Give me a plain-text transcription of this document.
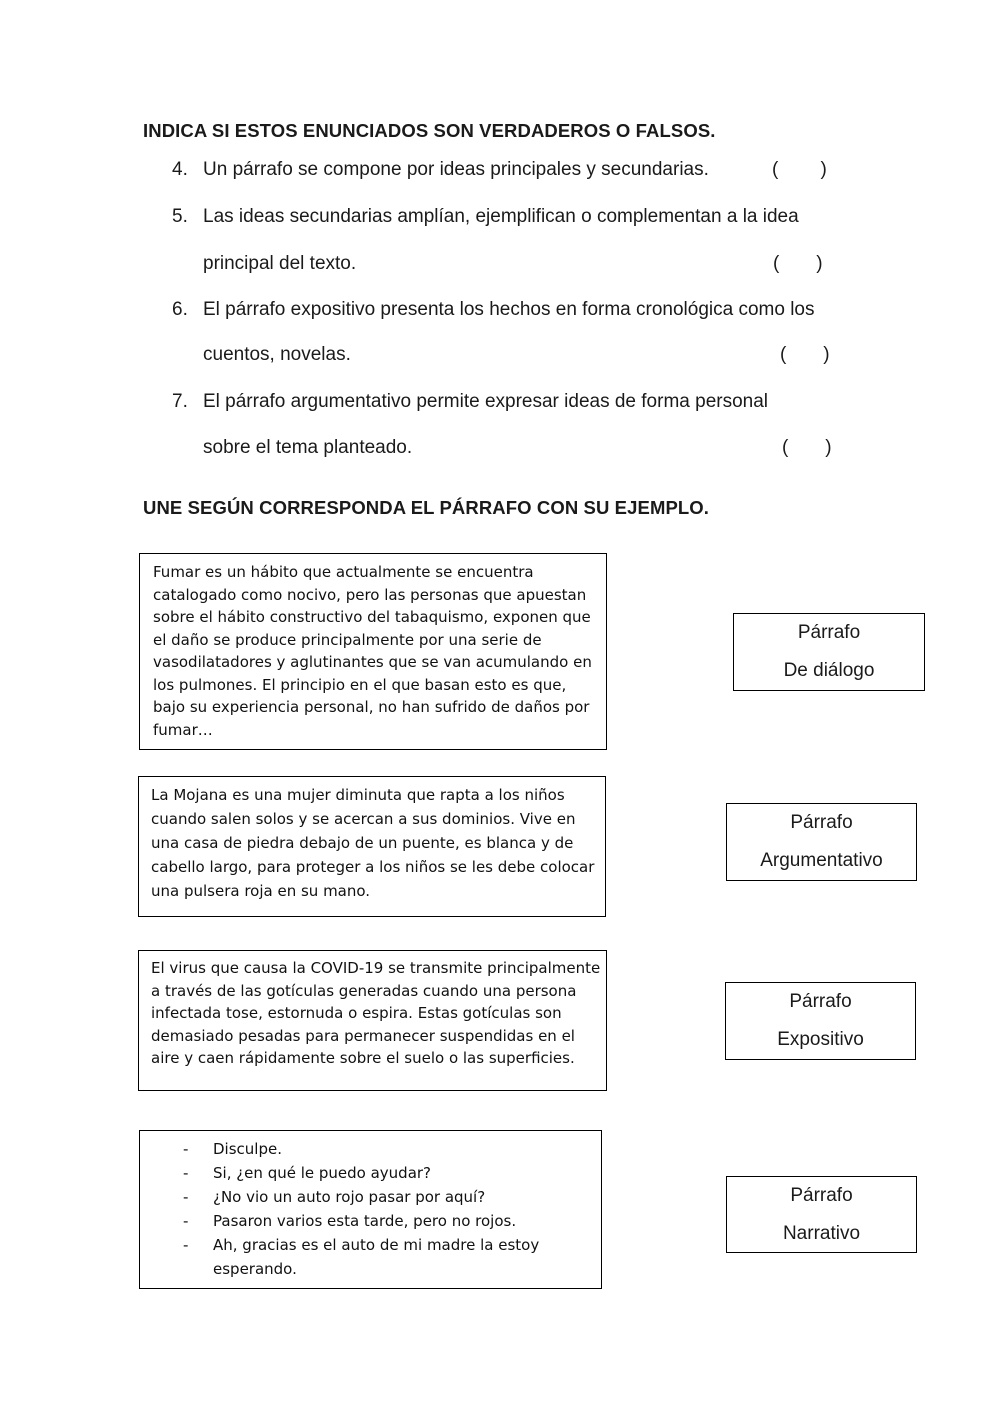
INDICA SI ESTOS ENUNCIADOS SON VERDADEROS O FALSOS.
4. Un párrafo se compone por ideas principales y secundarias.	(        )
5. Las ideas secundarias amplían, ejemplifican o complementan a la idea
principal del texto.	(       )
6. El párrafo expositivo presenta los hechos en forma cronológica como los
cuentos, novelas.	(       )
7. El párrafo argumentativo permite expresar ideas de forma personal
sobre el tema planteado.	(       )
UNE SEGÚN CORRESPONDA EL PÁRRAFO CON SU EJEMPLO.
Fumar es un hábito que actualmente se encuentra
catalogado como nocivo, pero las personas que apuestan
sobre el hábito constructivo del tabaquismo, exponen que
el daño se produce principalmente por una serie de
vasodilatadores y aglutinantes que se van acumulando en
los pulmones. El principio en el que basan esto es que,
bajo su experiencia personal, no han sufrido de daños por
fumar…
La Mojana es una mujer diminuta que rapta a los niños
cuando salen solos y se acercan a sus dominios. Vive en
una casa de piedra debajo de un puente, es blanca y de
cabello largo, para proteger a los niños se les debe colocar
una pulsera roja en su mano.
El virus que causa la COVID-19 se transmite principalmente
a través de las gotículas generadas cuando una persona
infectada tose, estornuda o espira. Estas gotículas son
demasiado pesadas para permanecer suspendidas en el
aire y caen rápidamente sobre el suelo o las superficies.
- Disculpe.
- Si, ¿en qué le puedo ayudar?
- ¿No vio un auto rojo pasar por aquí?
- Pasaron varios esta tarde, pero no rojos.
- Ah, gracias es el auto de mi madre la estoy
esperando.
Párrafo
De diálogo
Párrafo
Argumentativo
Párrafo
Expositivo
Párrafo
Narrativo
